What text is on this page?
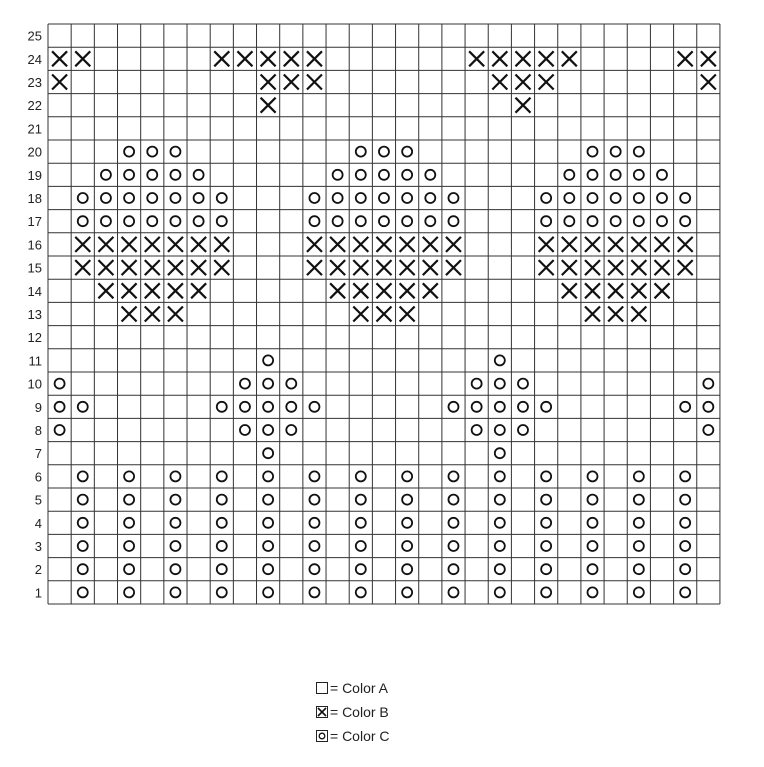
1
2
3
4
5
6
7
8
9
10
11
12
13
14
15
16
17
18
19
20
21
22
23
24
25
= Color A
= Color B
= Color C
